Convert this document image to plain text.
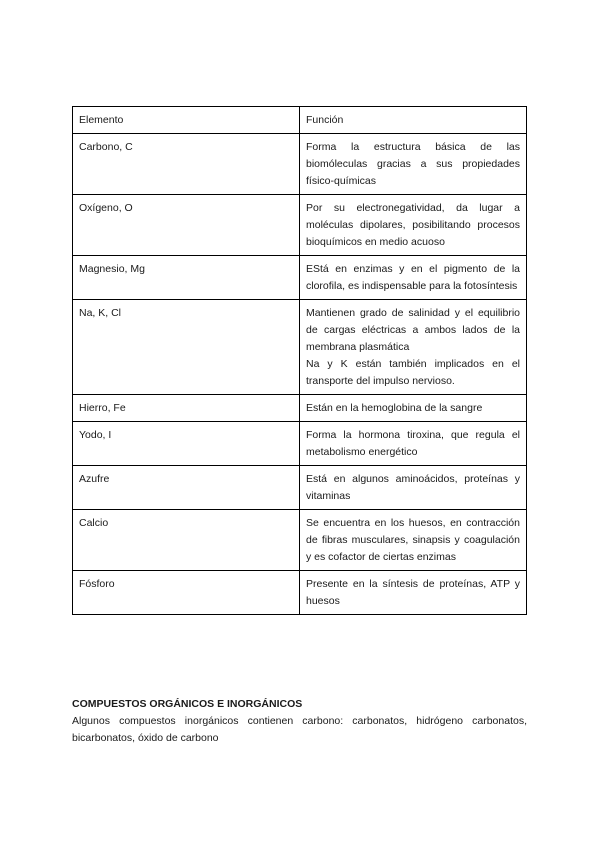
Elemento	Función
Carbono, C	Forma la estructura básica de las biomóleculas gracias a sus propiedades físico-químicas

Oxígeno, O	Por su electronegatividad, da lugar a moléculas dipolares, posibilitando procesos bioquímicos en medio acuoso

Magnesio, Mg	EStá en enzimas y en el pigmento de la clorofila, es indispensable para la fotosíntesis

Na, K, Cl	Mantienen grado de salinidad y el equilibrio de cargas eléctricas a ambos lados de la membrana plasmática
Na y K están también implicados en el transporte del impulso nervioso.

Hierro, Fe	Están en la hemoglobina de la sangre

Yodo, I	Forma la hormona tiroxina, que regula el metabolismo energético

Azufre	Está en algunos aminoácidos, proteínas y vitaminas

Calcio	Se encuentra en los huesos, en contracción de fibras musculares, sinapsis y coagulación y es cofactor de ciertas enzimas

Fósforo	Presente en la síntesis de proteínas, ATP y huesos
COMPUESTOS ORGÁNICOS E INORGÁNICOS
Algunos compuestos inorgánicos contienen carbono: carbonatos, hidrógeno carbonatos, bicarbonatos, óxido de carbono
